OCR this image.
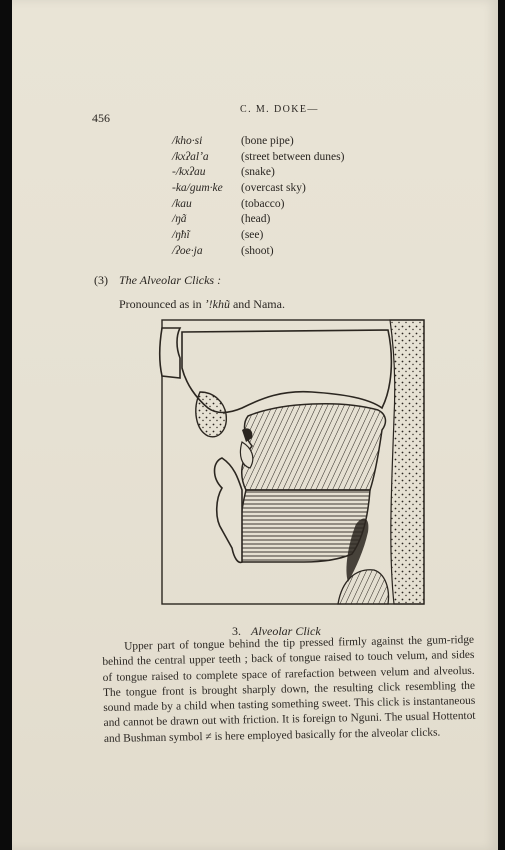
456
C. M. DOKE—
/kho·si	(bone pipe)
/kxʔalʼa	(street between dunes)
-/kxʔau	(snake)
-ka/gum·ke	(overcast sky)
/kau	(tobacco)
/ŋã	(head)
/ŋħĩ	(see)
/ʔoe·ja	(shoot)
(3) The Alveolar Clicks :
Pronounced as in ʼ!khũ and Nama.
3. Alveolar Click
Upper part of tongue behind the tip pressed firmly against the gum-ridge behind the central upper teeth ; back of tongue raised to touch velum, and sides of tongue raised to complete space of rarefaction between velum and alveolus. The tongue front is brought sharply down, the resulting click resembling the sound made by a child when tasting something sweet. This click is instantaneous and cannot be drawn out with friction. It is foreign to Nguni. The usual Hottentot and Bushman symbol ≠ is here employed basically for the alveolar clicks.
